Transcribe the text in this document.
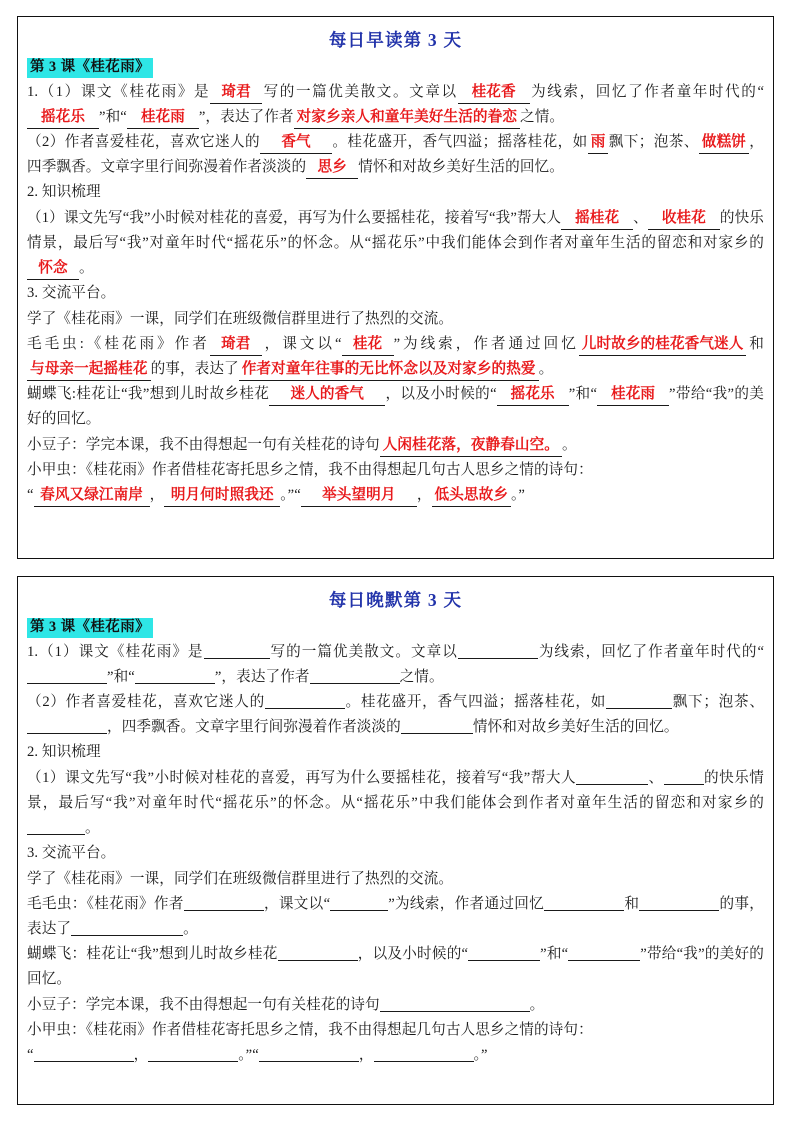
每日早读第 3 天
第 3 课《桂花雨》

1.（1）课文《桂花雨》是 琦君 写的一篇优美散文。文章以 桂花香 为线索，回忆了作者童年时代的“摇花乐 ”和“ 桂花雨 ”，表达了作者 对家乡亲人和童年美好生活的眷恋 之情。

（2）作者喜爱桂花，喜欢它迷人的 香气 。桂花盛开，香气四溢；摇落桂花，如 雨 飘下；泡茶、 做糕饼 ，四季飘香。文章字里行间弥漫着作者淡淡的 思乡 情怀和对故乡美好生活的回忆。

2. 知识梳理

（1）课文先写“我”小时候对桂花的喜爱，再写为什么要摇桂花，接着写“我”帮大人 摇桂花 、 收桂花 的快乐情景，最后写“我”对童年时代“摇花乐”的怀念。从“摇花乐”中我们能体会到作者对童年生活的留恋和对家乡的怀念 。

3. 交流平台。

学了《桂花雨》一课，同学们在班级微信群里进行了热烈的交流。

毛毛虫:《桂花雨》作者 琦君 ，课文以“ 桂花 ”为线索，作者通过回忆 儿时故乡的桂花香气迷人 和与母亲一起摇桂花 的事，表达了 作者对童年往事的无比怀念以及对家乡的热爱 。

蝴蝶飞:桂花让“我”想到儿时故乡桂花 迷人的香气 ，以及小时候的“ 摇花乐 ”和“ 桂花雨 ”带给“我”的美好的回忆。

小豆子：学完本课，我不由得想起一句有关桂花的诗句 人闲桂花落，夜静春山空。 。

小甲虫：《桂花雨》作者借桂花寄托思乡之情，我不由得想起几句古人思乡之情的诗句：

“ 春风又绿江南岸 ， 明月何时照我还 。”“ 举头望明月 ， 低头思故乡 。”

每日晚默第 3 天
第 3 课《桂花雨》

1.（1）课文《桂花雨》是	写的一篇优美散文。文章以	为线索，回忆了作者童年时代的“”和“	”，表达了作者	之情。

（2）作者喜爱桂花，喜欢它迷人的	。桂花盛开，香气四溢；摇落桂花，如	飘下；泡茶、，四季飘香。文章字里行间弥漫着作者淡淡的	情怀和对故乡美好生活的回忆。

2. 知识梳理

（1）课文先写“我”小时候对桂花的喜爱，再写为什么要摇桂花，接着写“我”帮大人	、	的快乐情景，最后写“我”对童年时代“摇花乐”的怀念。从“摇花乐”中我们能体会到作者对童年生活的留恋和对家乡的。

3. 交流平台。

学了《桂花雨》一课，同学们在班级微信群里进行了热烈的交流。

毛毛虫：《桂花雨》作者	，课文以“	”为线索，作者通过回忆	和	的事，表达了	。

蝴蝶飞：桂花让“我”想到儿时故乡桂花	，以及小时候的“	”和“	”带给“我”的美好的回忆。

小豆子：学完本课，我不由得想起一句有关桂花的诗句	。

小甲虫：《桂花雨》作者借桂花寄托思乡之情，我不由得想起几句古人思乡之情的诗句：

“	，	。”“	，	。”
